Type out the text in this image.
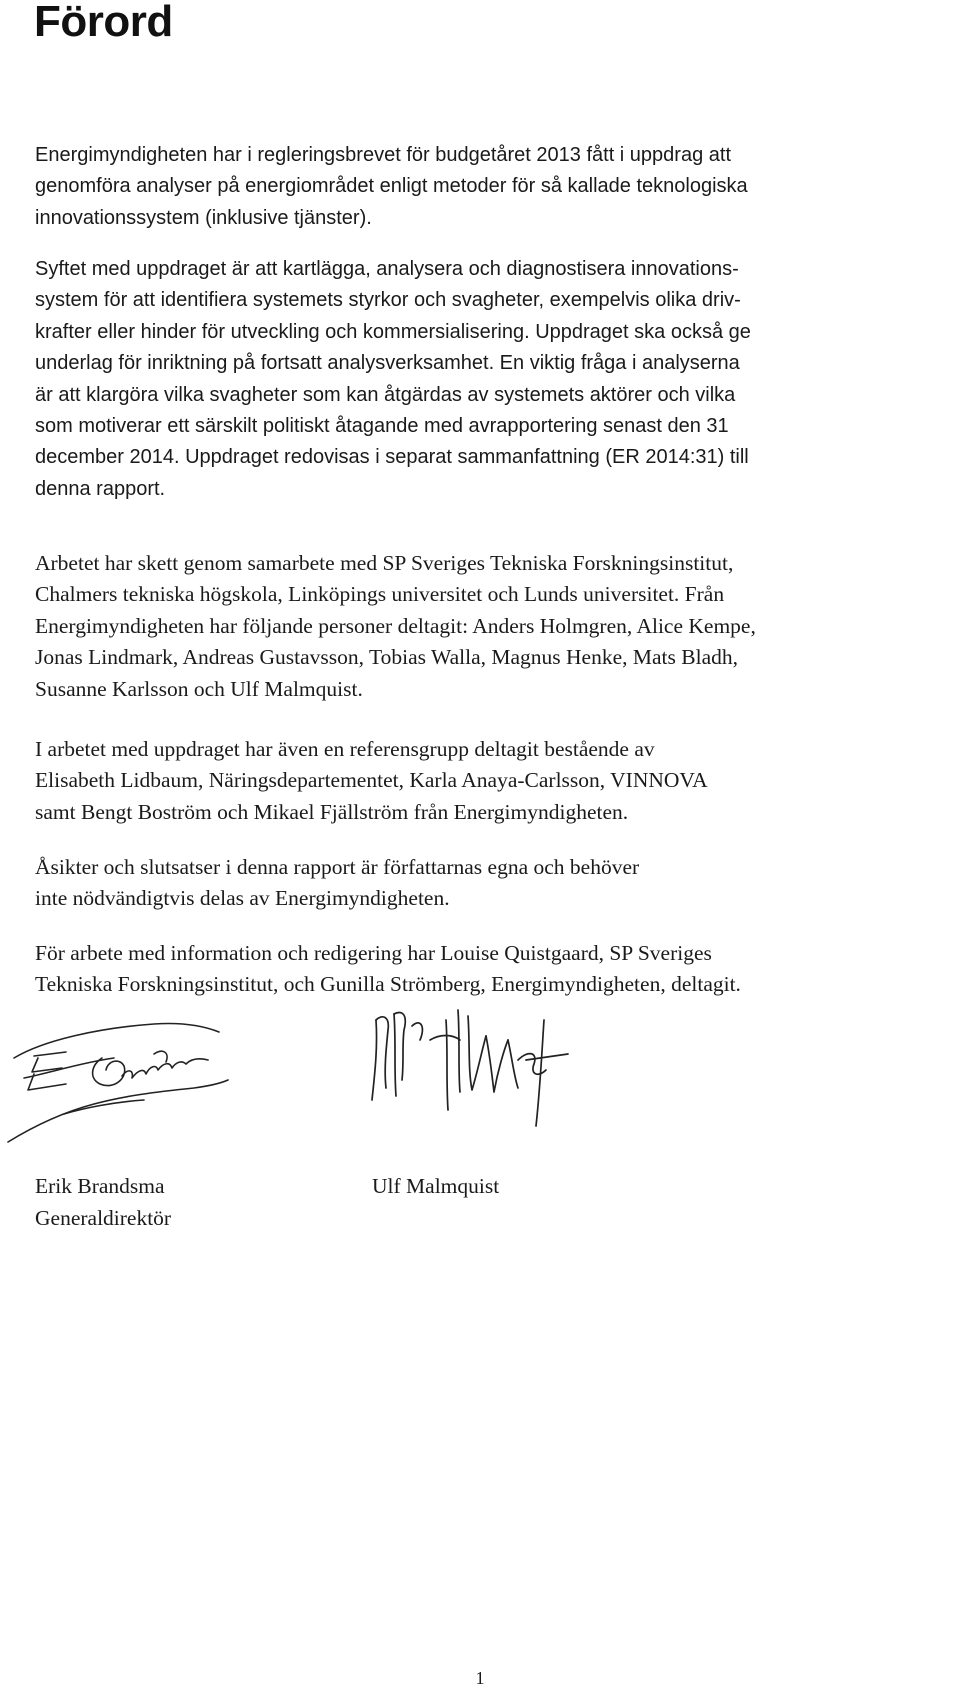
Förord

Energimyndigheten har i regleringsbrevet för budgetåret 2013 fått i uppdrag att
genomföra analyser på energiområdet enligt metoder för så kallade teknologiska
innovationssystem (inklusive tjänster).

Syftet med uppdraget är att kartlägga, analysera och diagnostisera innovations-
system för att identifiera systemets styrkor och svagheter, exempelvis olika driv-
krafter eller hinder för utveckling och kommersialisering. Uppdraget ska också ge
underlag för inriktning på fortsatt analysverksamhet. En viktig fråga i analyserna
är att klargöra vilka svagheter som kan åtgärdas av systemets aktörer och vilka
som motiverar ett särskilt politiskt åtagande med avrapportering senast den 31
december 2014. Uppdraget redovisas i separat sammanfattning (ER 2014:31) till
denna rapport.

Arbetet har skett genom samarbete med SP Sveriges Tekniska Forskningsinstitut,
Chalmers tekniska högskola, Linköpings universitet och Lunds universitet. Från
Energimyndigheten har följande personer deltagit: Anders Holmgren, Alice Kempe,
Jonas Lindmark, Andreas Gustavsson, Tobias Walla, Magnus Henke, Mats Bladh,
Susanne Karlsson och Ulf Malmquist.

I arbetet med uppdraget har även en referensgrupp deltagit bestående av
Elisabeth Lidbaum, Näringsdepartementet, Karla Anaya-Carlsson, VINNOVA
samt Bengt Boström och Mikael Fjällström från Energimyndigheten.

Åsikter och slutsatser i denna rapport är författarnas egna och behöver
inte nödvändigtvis delas av Energimyndigheten.

För arbete med information och redigering har Louise Quistgaard, SP Sveriges
Tekniska Forskningsinstitut, och Gunilla Strömberg, Energimyndigheten, deltagit.

Erik Brandsma
Generaldirektör
Ulf Malmquist
1
